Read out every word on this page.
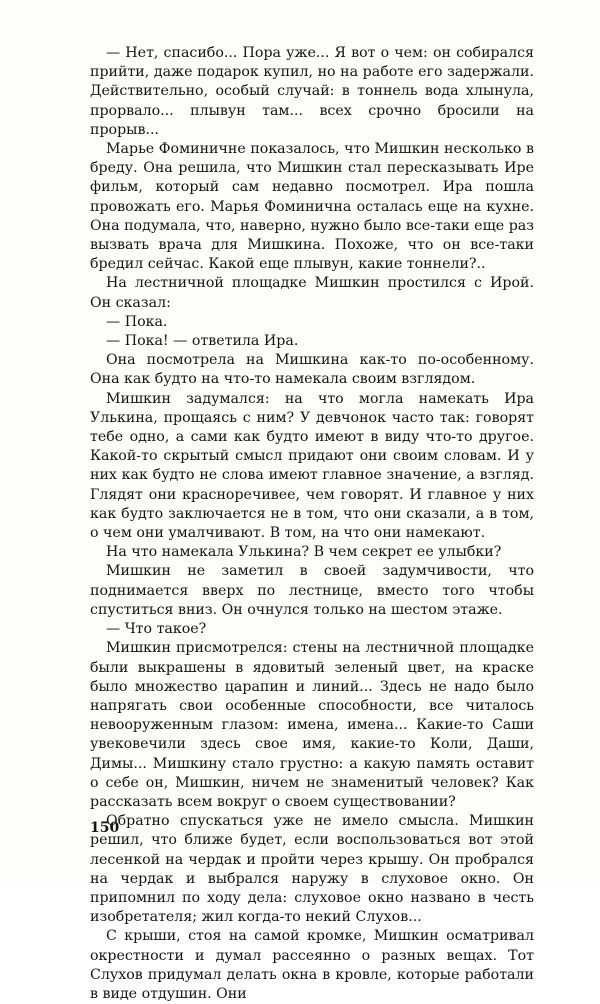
— Нет, спасибо... Пора уже... Я вот о чем: он собирался прийти, даже подарок купил, но на работе его задержали. Действительно, особый случай: в тоннель вода хлынула, прорвало... плывун там... всех срочно бросили на прорыв...

Марье Фоминичне показалось, что Мишкин несколько в бреду. Она решила, что Мишкин стал пересказывать Ире фильм, который сам недавно посмотрел. Ира пошла провожать его. Марья Фоминична осталась еще на кухне. Она подумала, что, наверно, нужно было все-таки еще раз вызвать врача для Мишкина. Похоже, что он все-таки бредил сейчас. Какой еще плывун, какие тоннели?..

На лестничной площадке Мишкин простился с Ирой. Он сказал:

— Пока.

— Пока! — ответила Ира.

Она посмотрела на Мишкина как-то по-особенному. Она как будто на что-то намекала своим взглядом.

Мишкин задумался: на что могла намекать Ира Улькина, прощаясь с ним? У девчонок часто так: говорят тебе одно, а сами как будто имеют в виду что-то другое. Какой-то скрытый смысл придают они своим словам. И у них как будто не слова имеют главное значение, а взгляд. Глядят они красноречивее, чем говорят. И главное у них как будто заключается не в том, что они сказали, а в том, о чем они умалчивают. В том, на что они намекают.

На что намекала Улькина? В чем секрет ее улыбки?

Мишкин не заметил в своей задумчивости, что поднимается вверх по лестнице, вместо того чтобы спуститься вниз. Он очнулся только на шестом этаже.

— Что такое?

Мишкин присмотрелся: стены на лестничной площадке были выкрашены в ядовитый зеленый цвет, на краске было множество царапин и линий... Здесь не надо было напрягать свои особенные способности, все читалось невооруженным глазом: имена, имена... Какие-то Саши увековечили здесь свое имя, какие-то Коли, Даши, Димы... Мишкину стало грустно: а какую память оставит о себе он, Мишкин, ничем не знаменитый человек? Как рассказать всем вокруг о своем существовании?

Обратно спускаться уже не имело смысла. Мишкин решил, что ближе будет, если воспользоваться вот этой лесенкой на чердак и пройти через крышу. Он пробрался на чердак и выбрался наружу в слуховое окно. Он припомнил по ходу дела: слуховое окно названо в честь изобретателя; жил когда-то некий Слухов...

С крыши, стоя на самой кромке, Мишкин осматривал окрестности и думал рассеянно о разных вещах. Тот Слухов придумал делать окна в кровле, которые работали в виде отдушин. Они

150
